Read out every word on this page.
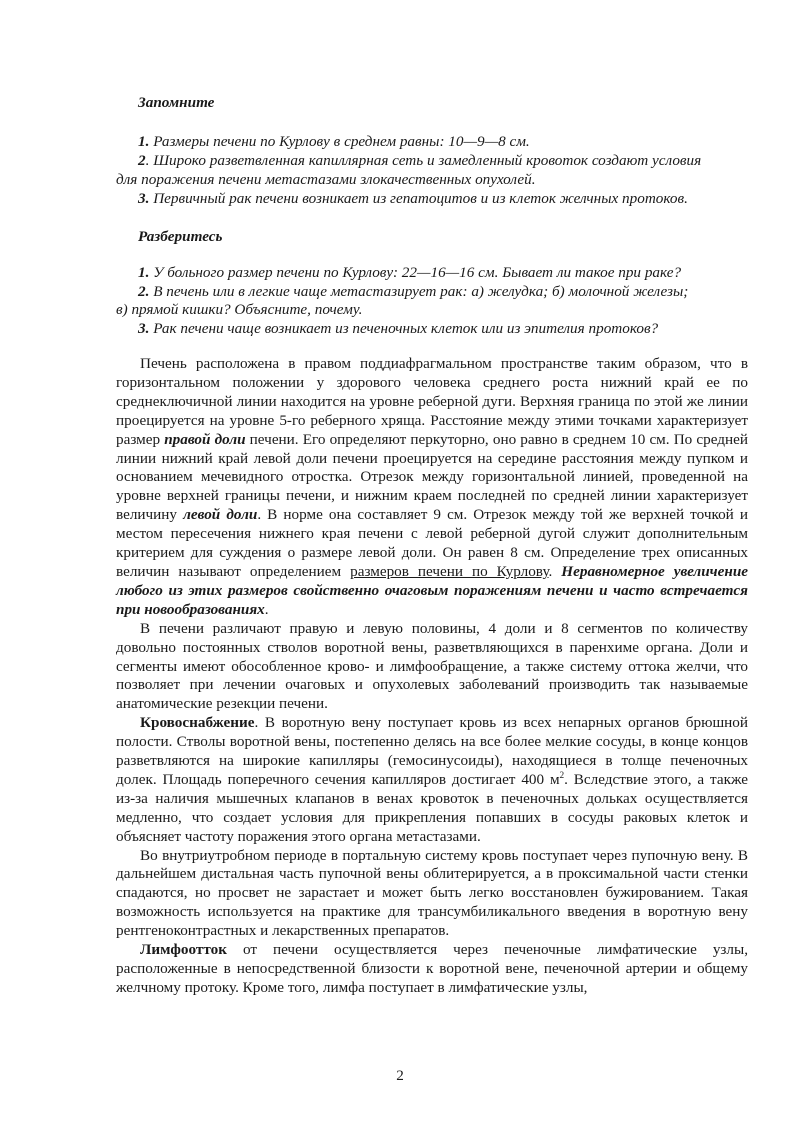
Запомните
1. Размеры печени по Курлову в среднем равны: 10—9—8 см.
2. Широко разветвленная капиллярная сеть и замедленный кровоток создают условия
для поражения печени метастазами злокачественных опухолей.
3. Первичный рак печени возникает из гепатоцитов и из клеток желчных протоков.
Разберитесь
1. У больного размер печени по Курлову: 22—16—16 см. Бывает ли такое при раке?
2. В печень или в легкие чаще метастазирует рак: а) желудка; б) молочной железы;
в) прямой кишки? Объясните, почему.
3. Рак печени чаще возникает из печеночных клеток или из эпителия протоков?

Печень расположена в правом поддиафрагмальном пространстве таким образом, что в горизонтальном положении у здорового человека среднего роста нижний край ее по среднеключичной линии находится на уровне реберной дуги. Верхняя граница по этой же линии проецируется на уровне 5-го реберного хряща. Расстояние между этими точками характеризует размер правой доли печени. Его определяют перкуторно, оно равно в среднем 10 см. По средней линии нижний край левой доли печени проецируется на середине расстояния между пупком и основанием мечевидного отростка. Отрезок между горизонтальной линией, проведенной на уровне верхней границы печени, и нижним краем последней по средней линии характеризует величину левой доли. В норме она составляет 9 см. Отрезок между той же верхней точкой и местом пересечения нижнего края печени с левой реберной дугой служит дополнительным критерием для суждения о размере левой доли. Он равен 8 см. Определение трех описанных величин называют определением размеров печени по Курлову. Неравномерное увеличение любого из этих размеров свойственно очаговым поражениям печени и часто встречается при новообразованиях.

В печени различают правую и левую половины, 4 доли и 8 сегментов по количеству довольно постоянных стволов воротной вены, разветвляющихся в паренхиме органа. Доли и сегменты имеют обособленное крово- и лимфообращение, а также систему оттока желчи, что позволяет при лечении очаговых и опухолевых заболеваний производить так называемые анатомические резекции печени.

Кровоснабжение. В воротную вену поступает кровь из всех непарных органов брюшной полости. Стволы воротной вены, постепенно делясь на все более мелкие сосуды, в конце концов разветвляются на широкие капилляры (гемосинусоиды), находящиеся в толще печеночных долек. Площадь поперечного сечения капилляров достигает 400 $м^2$. Вследствие этого, а также из-за наличия мышечных клапанов в венах кровоток в печеночных дольках осуществляется медленно, что создает условия для прикрепления попавших в сосуды раковых клеток и объясняет частоту поражения этого органа метастазами.

Во внутриутробном периоде в портальную систему кровь поступает через пупочную вену. В дальнейшем дистальная часть пупочной вены облитерируется, а в проксимальной части стенки спадаются, но просвет не зарастает и может быть легко восстановлен бужированием. Такая возможность используется на практике для трансумбиликального введения в воротную вену рентгеноконтрастных и лекарственных препаратов.

Лимфоотток от печени осуществляется через печеночные лимфатические узлы, расположенные в непосредственной близости к воротной вене, печеночной артерии и общему желчному протоку. Кроме того, лимфа поступает в лимфатические узлы,

2
